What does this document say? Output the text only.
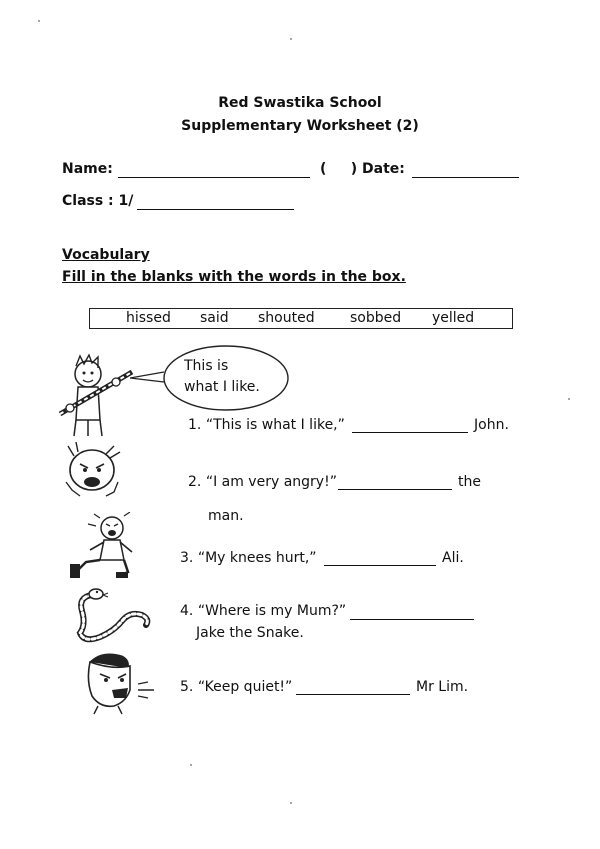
Red Swastika School
Supplementary Worksheet (2)
Name:	(     ) Date:
Class : 1/
Vocabulary
Fill in the blanks with the words in the box.
hissed said shouted	sobbed yelled
This is
what I like.
1. “This is what I like,”	John.
2. “I am very angry!”	the
man.
3. “My knees hurt,”	Ali.
4. “Where is my Mum?”
Jake the Snake.
5. “Keep quiet!”	Mr Lim.
